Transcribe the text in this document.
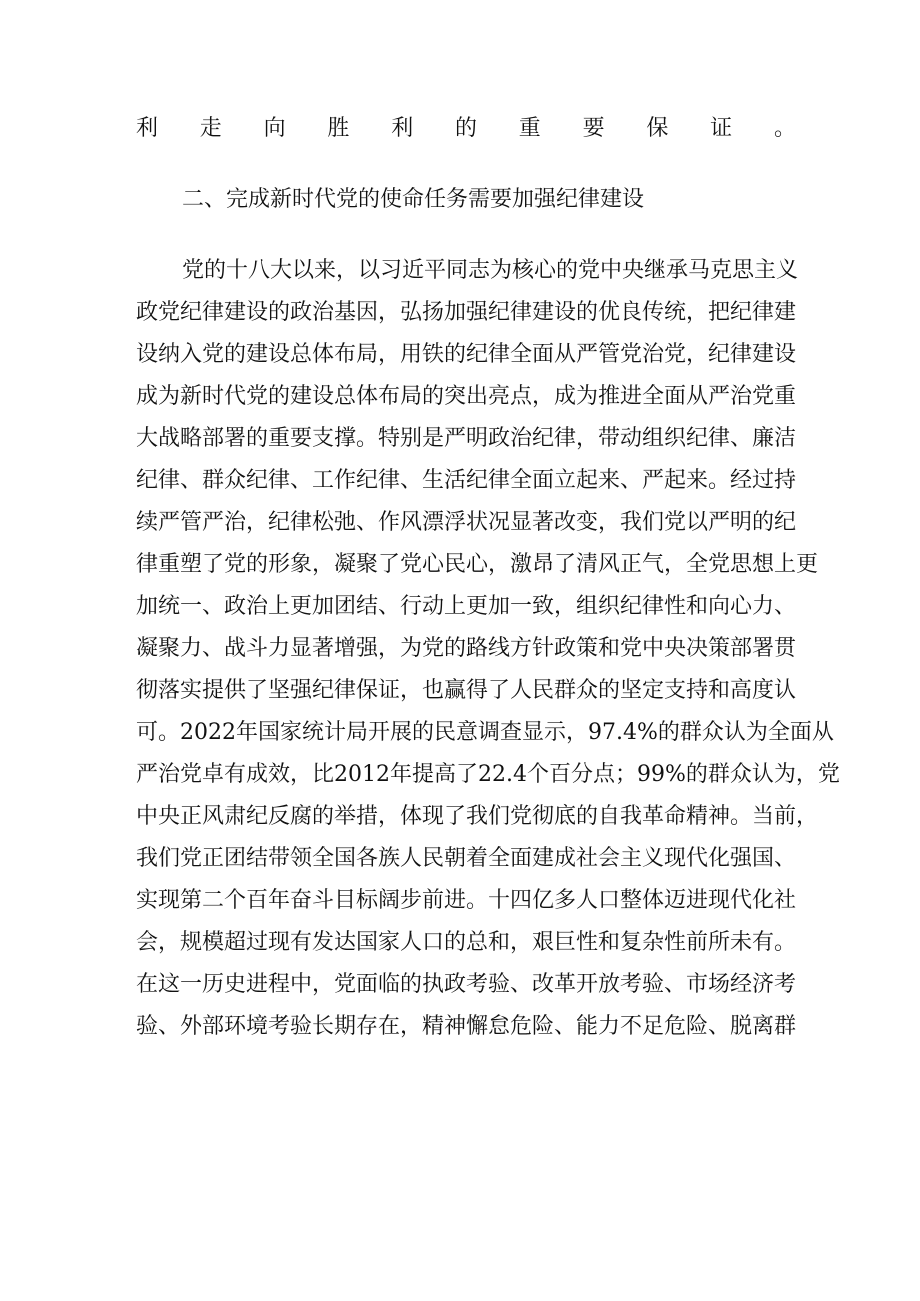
利走向胜利的重要保证。
二、完成新时代党的使命任务需要加强纪律建设
党的十八大以来，以习近平同志为核心的党中央继承马克思主义
政党纪律建设的政治基因，弘扬加强纪律建设的优良传统，把纪律建
设纳入党的建设总体布局，用铁的纪律全面从严管党治党，纪律建设
成为新时代党的建设总体布局的突出亮点，成为推进全面从严治党重
大战略部署的重要支撑。特别是严明政治纪律，带动组织纪律、廉洁
纪律、群众纪律、工作纪律、生活纪律全面立起来、严起来。经过持
续严管严治，纪律松弛、作风漂浮状况显著改变，我们党以严明的纪
律重塑了党的形象，凝聚了党心民心，激昂了清风正气，全党思想上更
加统一、政治上更加团结、行动上更加一致，组织纪律性和向心力、
凝聚力、战斗力显著增强，为党的路线方针政策和党中央决策部署贯
彻落实提供了坚强纪律保证，也赢得了人民群众的坚定支持和高度认
可。2022年国家统计局开展的民意调查显示，97.4%的群众认为全面从
严治党卓有成效，比2012年提高了22.4个百分点；99%的群众认为，党
中央正风肃纪反腐的举措，体现了我们党彻底的自我革命精神。当前，
我们党正团结带领全国各族人民朝着全面建成社会主义现代化强国、
实现第二个百年奋斗目标阔步前进。十四亿多人口整体迈进现代化社
会，规模超过现有发达国家人口的总和，艰巨性和复杂性前所未有。
在这一历史进程中，党面临的执政考验、改革开放考验、市场经济考
验、外部环境考验长期存在，精神懈怠危险、能力不足危险、脱离群
